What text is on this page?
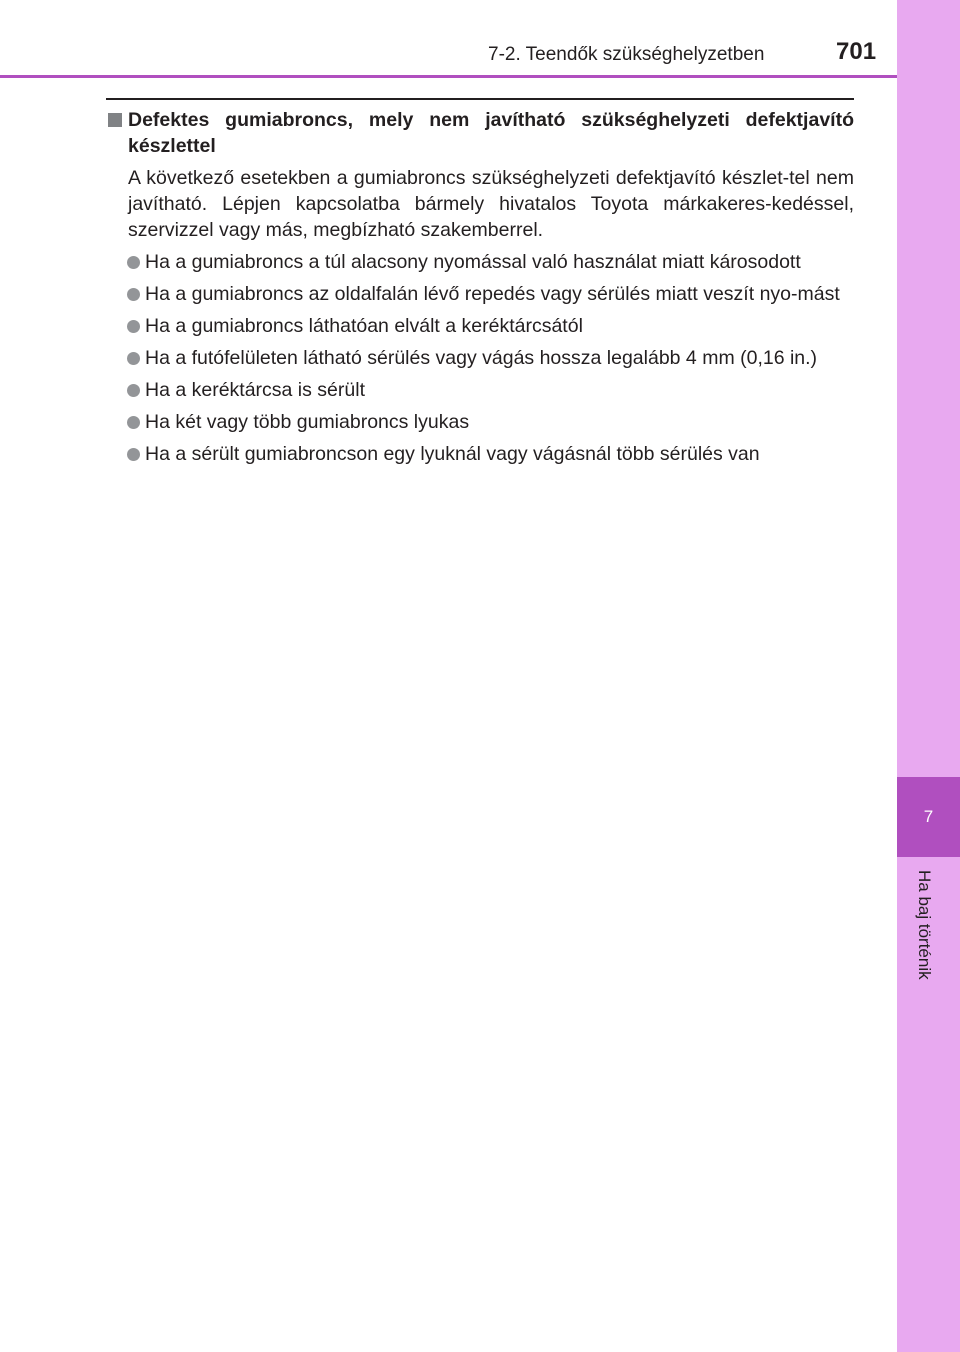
7
Ha baj történik
7-2. Teendők szükséghelyzetben	701
Defektes gumiabroncs, mely nem javítható szükséghelyzeti defektjavító készlettel

A következő esetekben a gumiabroncs szükséghelyzeti defektjavító készlet-tel nem javítható. Lépjen kapcsolatba bármely hivatalos Toyota márkakeres-kedéssel, szervizzel vagy más, megbízható szakemberrel.

Ha a gumiabroncs a túl alacsony nyomással való használat miatt károsodott
Ha a gumiabroncs az oldalfalán lévő repedés vagy sérülés miatt veszít nyo-mást
Ha a gumiabroncs láthatóan elvált a keréktárcsától
Ha a futófelületen látható sérülés vagy vágás hossza legalább 4 mm (0,16 in.)
Ha a keréktárcsa is sérült
Ha két vagy több gumiabroncs lyukas
Ha a sérült gumiabroncson egy lyuknál vagy vágásnál több sérülés van
